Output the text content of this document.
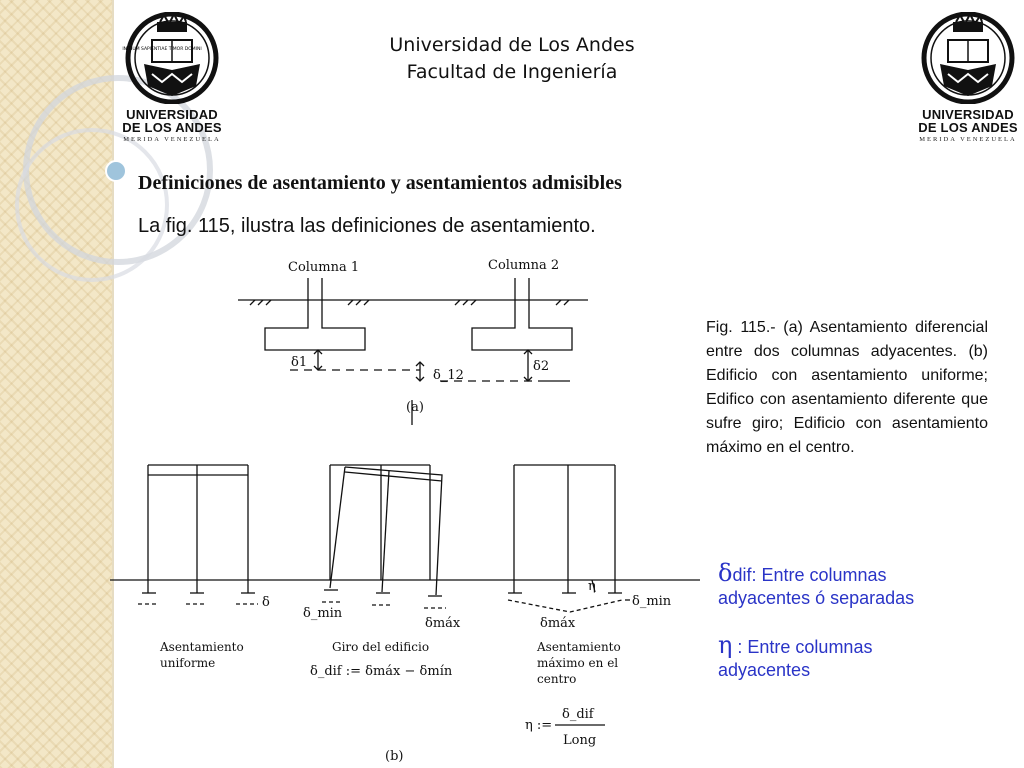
INITIUM SAPIENTIAE TIMOR DOMINI
UNIVERSIDAD
DE LOS ANDES
MERIDA VENEZUELA
UNIVERSIDAD
DE LOS ANDES
MERIDA VENEZUELA
Universidad de Los Andes
Facultad de Ingeniería
Definiciones de asentamiento y asentamientos admisibles
La fig. 115, ilustra las definiciones de asentamiento.
Columna 1	Columna 2
δ1
δ_12
δ2
(a)
δ
δ_min
δmáx	δmáx
δ_min
η
Asentamiento
uniforme
Giro del edificio
δ_dif := δmáx − δmín
Asentamiento
máximo en el
centro
η :=
δ_dif
Long
(b)
Fig. 115.- (a) Asentamiento diferencial entre dos columnas adyacentes. (b) Edificio con asentamiento uniforme; Edifico con asentamiento diferente que sufre giro; Edificio con asentamiento máximo en el centro.
δdif: Entre columnas
adyacentes ó separadas
η : Entre columnas
adyacentes
